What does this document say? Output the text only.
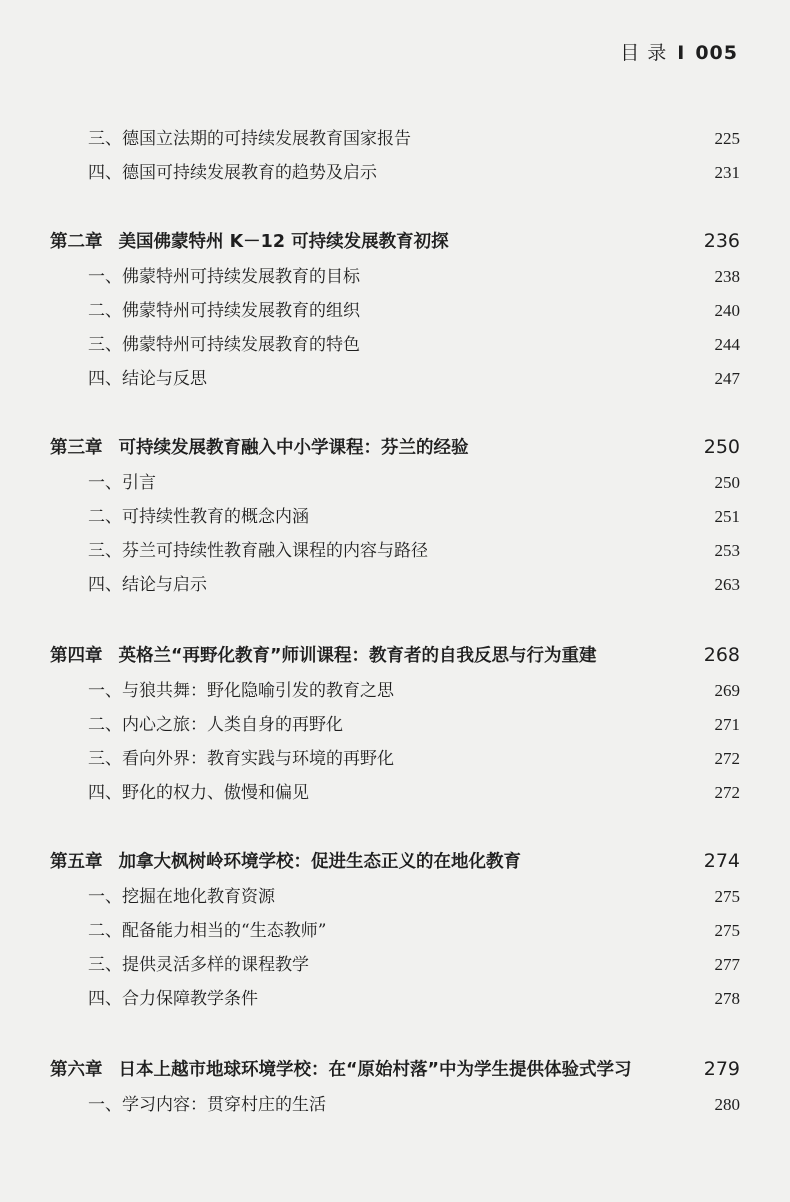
目 录 I 005
三、德国立法期的可持续发展教育国家报告	225
四、德国可持续发展教育的趋势及启示	231
第二章 美国佛蒙特州 K－12 可持续发展教育初探	236
一、佛蒙特州可持续发展教育的目标	238
二、佛蒙特州可持续发展教育的组织	240
三、佛蒙特州可持续发展教育的特色	244
四、结论与反思	247
第三章 可持续发展教育融入中小学课程：芬兰的经验	250
一、引言	250
二、可持续性教育的概念内涵	251
三、芬兰可持续性教育融入课程的内容与路径	253
四、结论与启示	263
第四章 英格兰“再野化教育”师训课程：教育者的自我反思与行为重建	268
一、与狼共舞：野化隐喻引发的教育之思	269
二、内心之旅：人类自身的再野化	271
三、看向外界：教育实践与环境的再野化	272
四、野化的权力、傲慢和偏见	272
第五章 加拿大枫树岭环境学校：促进生态正义的在地化教育	274
一、挖掘在地化教育资源	275
二、配备能力相当的“生态教师”	275
三、提供灵活多样的课程教学	277
四、合力保障教学条件	278
第六章 日本上越市地球环境学校：在“原始村落”中为学生提供体验式学习	279
一、学习内容：贯穿村庄的生活	280
